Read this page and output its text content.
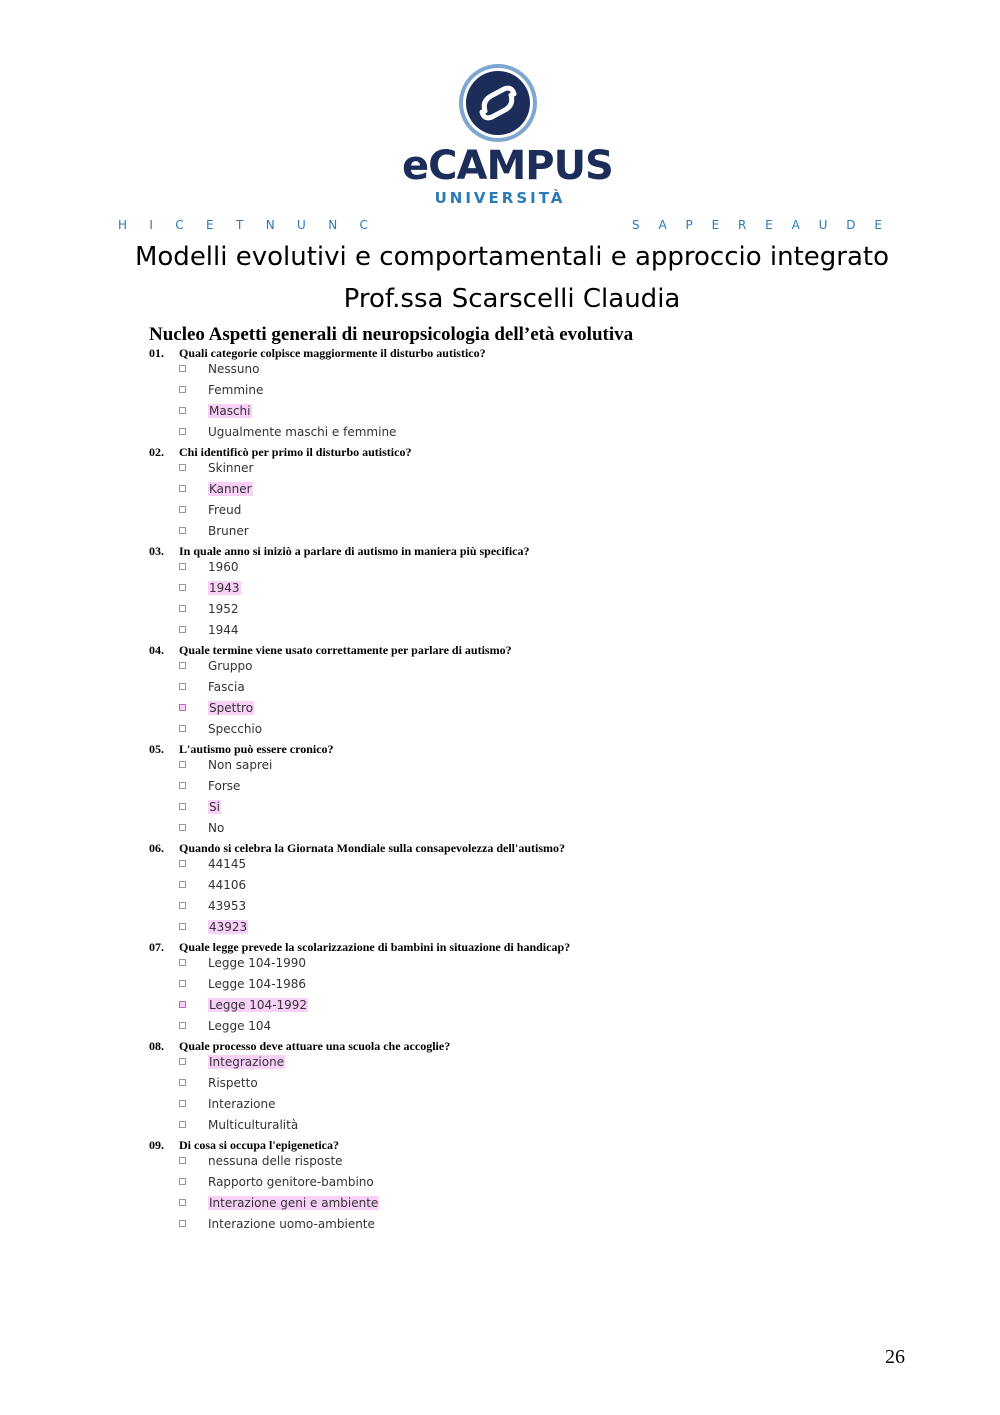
H I C E T N U N C
eCAMPUS
UNIVERSITÀ
S A P E R E A U D E
Modelli evolutivi e comportamentali e approccio integrato
Prof.ssa Scarscelli Claudia
Nucleo Aspetti generali di neuropsicologia dell’età evolutiva
01. Quali categorie colpisce maggiormente il disturbo autistico?
Nessuno
Femmine
Maschi
Ugualmente maschi e femmine
02. Chi identificò per primo il disturbo autistico?
Skinner
Kanner
Freud
Bruner
03. In quale anno si iniziò a parlare di autismo in maniera più specifica?
1960
1943
1952
1944
04. Quale termine viene usato correttamente per parlare di autismo?
Gruppo
Fascia
Spettro
Specchio
05. L'autismo può essere cronico?
Non saprei
Forse
Si
No
06. Quando si celebra la Giornata Mondiale sulla consapevolezza dell'autismo?
44145
44106
43953
43923
07. Quale legge prevede la scolarizzazione di bambini in situazione di handicap?
Legge 104-1990
Legge 104-1986
Legge 104-1992
Legge 104
08. Quale processo deve attuare una scuola che accoglie?
Integrazione
Rispetto
Interazione
Multiculturalità
09. Di cosa si occupa l'epigenetica?
nessuna delle risposte
Rapporto genitore-bambino
Interazione geni e ambiente
Interazione uomo-ambiente
26
